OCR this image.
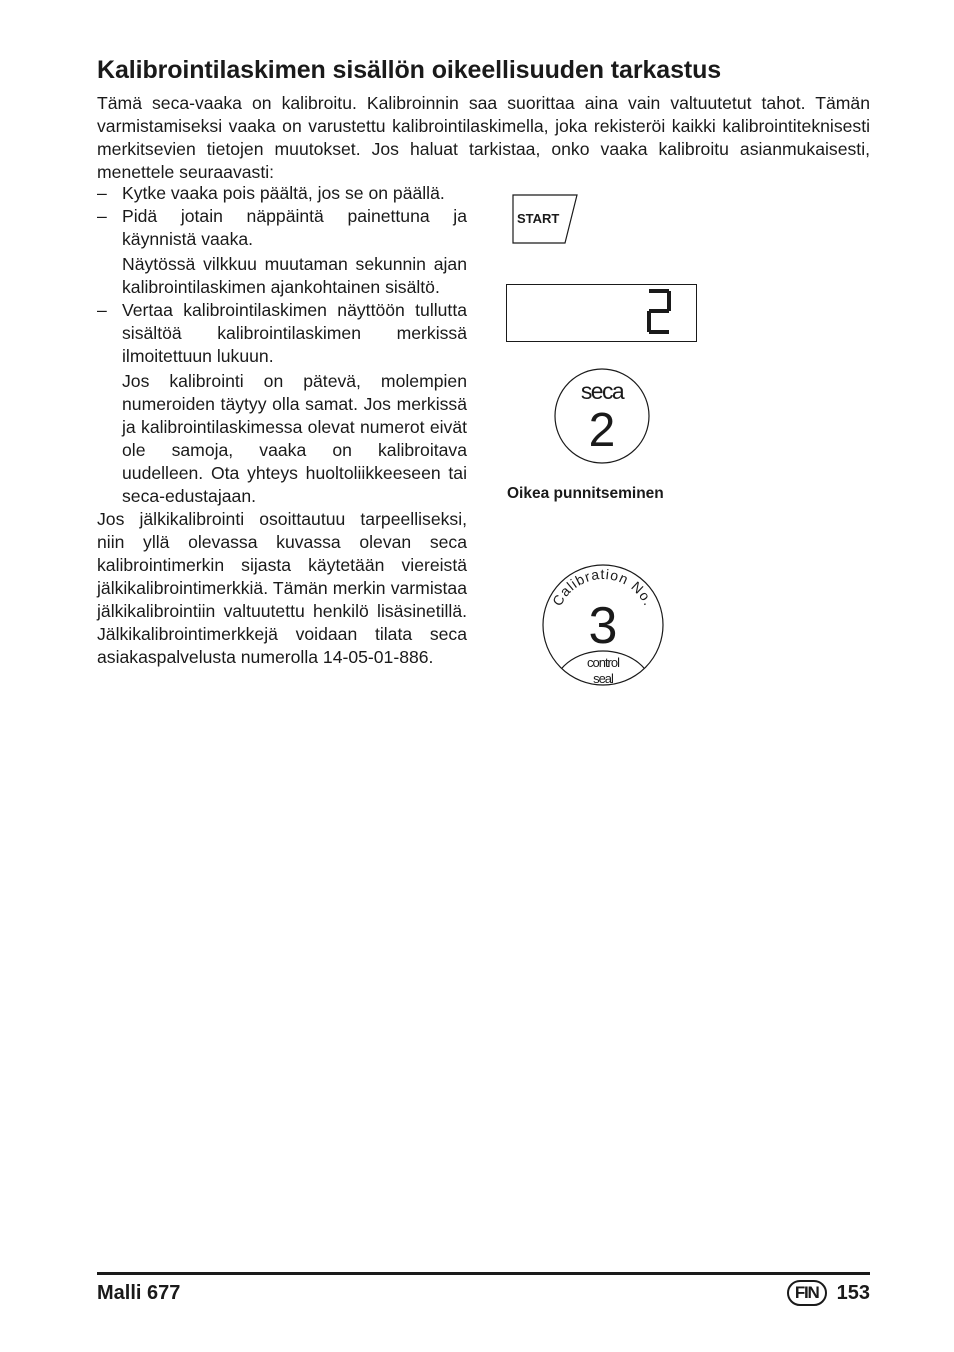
Kalibrointilaskimen sisällön oikeellisuuden tarkastus

Tämä seca-vaaka on kalibroitu. Kalibroinnin saa suorittaa aina vain valtuutetut tahot. Tämän varmistamiseksi vaaka on varustettu kalibrointilaskimella, joka rekisteröi kaikki kalibrointiteknisesti merkitsevien tietojen muutokset. Jos haluat tarkistaa, onko vaaka kalibroitu asianmukaisesti, menettele seuraavasti:

– Kytke vaaka pois päältä, jos se on päällä.

– Pidä jotain näppäintä painettuna ja käynnistä vaaka.

Näytössä vilkkuu muutaman sekunnin ajan kalibrointilaskimen ajankohtainen sisältö.

– Vertaa kalibrointilaskimen näyttöön tullutta sisältöä kalibrointilaskimen merkissä ilmoitettuun lukuun.

Jos kalibrointi on pätevä, molempien numeroiden täytyy olla samat. Jos merkissä ja kalibrointilaskimessa olevat numerot eivät ole samoja, vaaka on kalibroitava uudelleen. Ota yhteys huoltoliikkeeseen tai seca-edustajaan.

Jos jälkikalibrointi osoittautuu tarpeelliseksi, niin yllä olevassa kuvassa olevan seca kalibrointimerkin sijasta käytetään viereistä jälkikalibrointimerkkiä. Tämän merkin varmistaa jälkikalibrointiin valtuutettu henkilö lisäsinetillä. Jälkikalibrointimerkkejä voidaan tilata seca asiakaspalvelusta numerolla 14-05-01-886.

START
2
seca
2

Oikea punnitseminen

Calibration No.
3
control
seal

Malli 677	FIN 153
